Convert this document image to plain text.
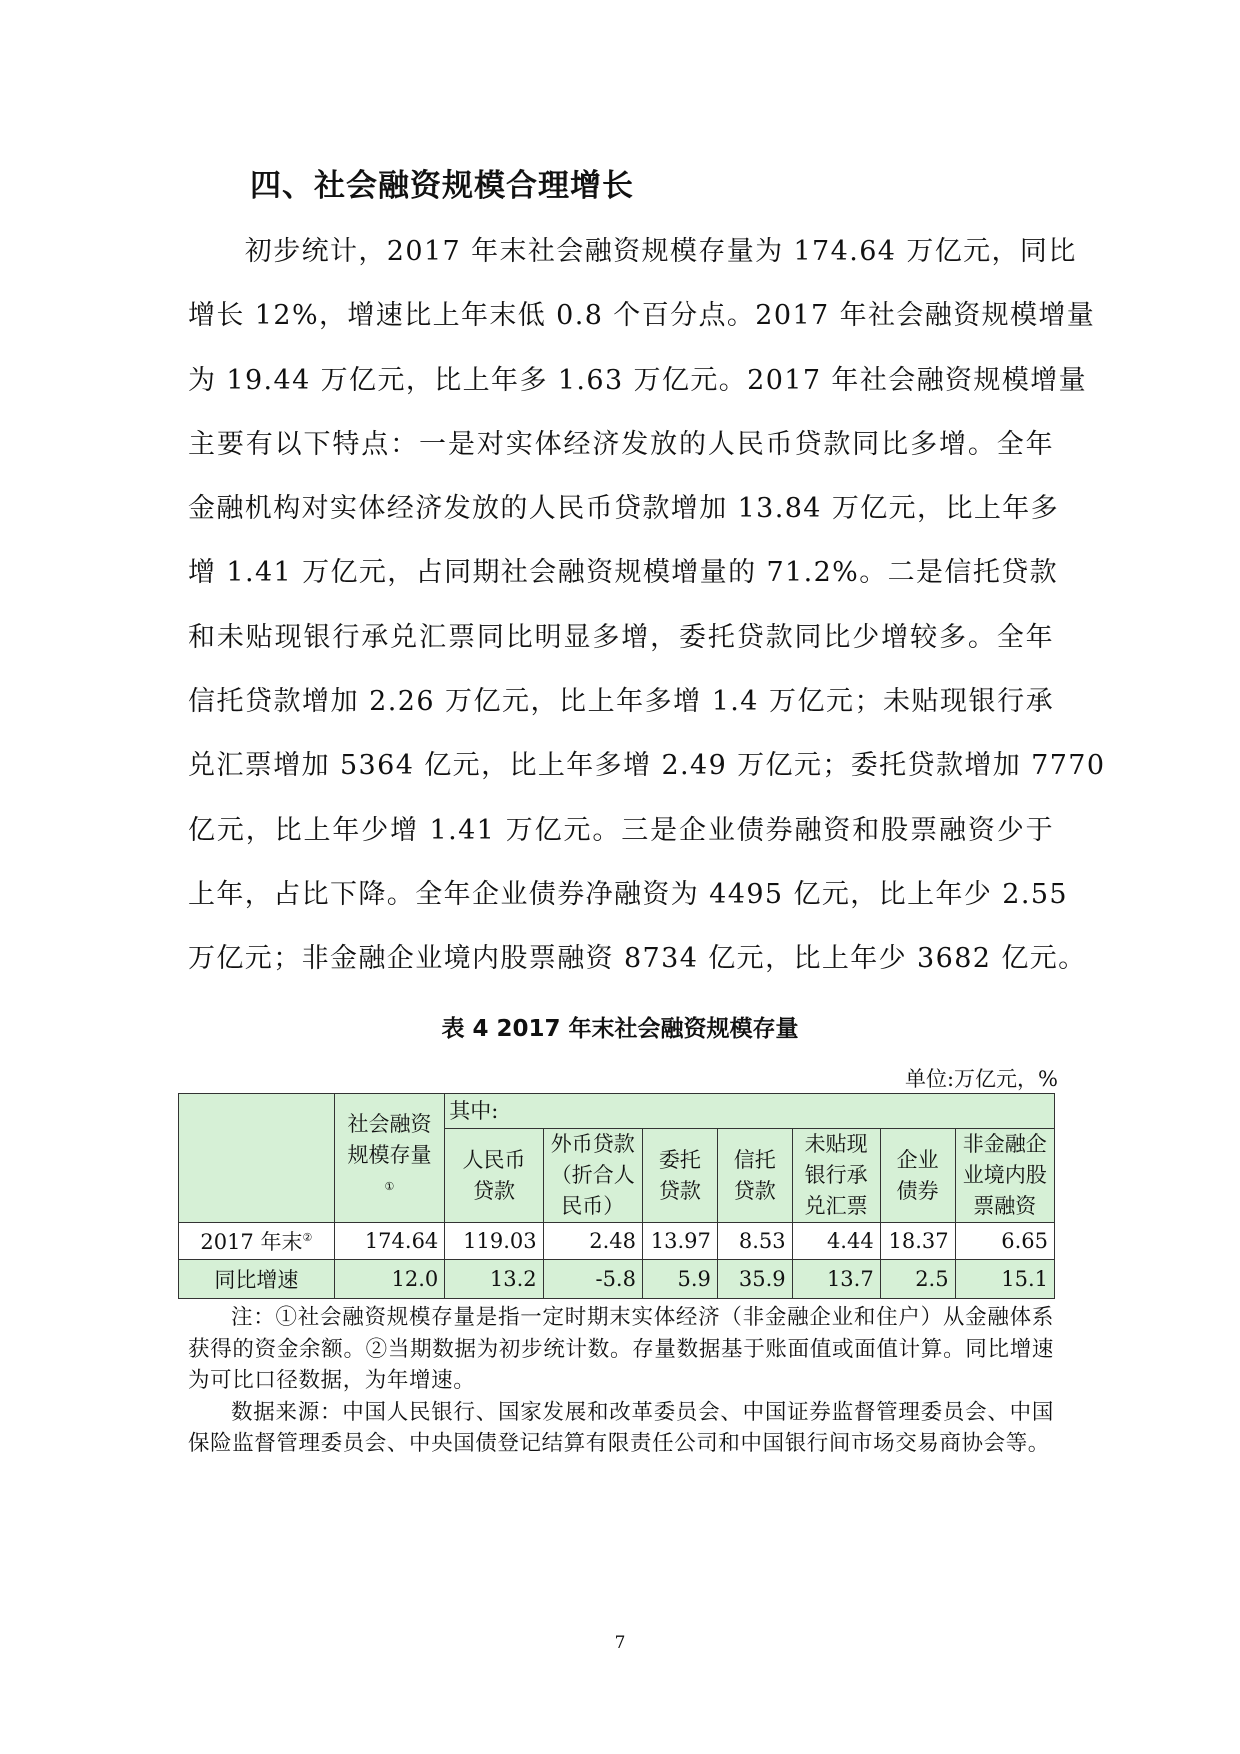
四、社会融资规模合理增长
　　初步统计，2017 年末社会融资规模存量为 174.64 万亿元，同比
增长 12%，增速比上年末低 0.8 个百分点。2017 年社会融资规模增量
为 19.44 万亿元，比上年多 1.63 万亿元。2017 年社会融资规模增量
主要有以下特点：一是对实体经济发放的人民币贷款同比多增。全年
金融机构对实体经济发放的人民币贷款增加 13.84 万亿元，比上年多
增 1.41 万亿元，占同期社会融资规模增量的 71.2%。二是信托贷款
和未贴现银行承兑汇票同比明显多增，委托贷款同比少增较多。全年
信托贷款增加 2.26 万亿元，比上年多增 1.4 万亿元；未贴现银行承
兑汇票增加 5364 亿元，比上年多增 2.49 万亿元；委托贷款增加 7770
亿元，比上年少增 1.41 万亿元。三是企业债券融资和股票融资少于
上年，占比下降。全年企业债券净融资为 4495 亿元，比上年少 2.55
万亿元；非金融企业境内股票融资 8734 亿元，比上年少 3682 亿元。
表 4 2017 年末社会融资规模存量
单位:万亿元，%
	社会融资规模存量①	其中:						
		人民币贷款	外币贷款（折合人民币）	委托贷款	信托贷款	未贴现银行承兑汇票	企业债券	非金融企业境内股票融资
2017 年末②	174.64	119.03	2.48	13.97	8.53	4.44	18.37	6.65
同比增速	12.0	13.2	-5.8	5.9	35.9	13.7	2.5	15.1

注：①社会融资规模存量是指一定时期末实体经济（非金融企业和住户）从金融体系获得的资金余额。②当期数据为初步统计数。存量数据基于账面值或面值计算。同比增速为可比口径数据，为年增速。

数据来源：中国人民银行、国家发展和改革委员会、中国证券监督管理委员会、中国保险监督管理委员会、中央国债登记结算有限责任公司和中国银行间市场交易商协会等。

7
